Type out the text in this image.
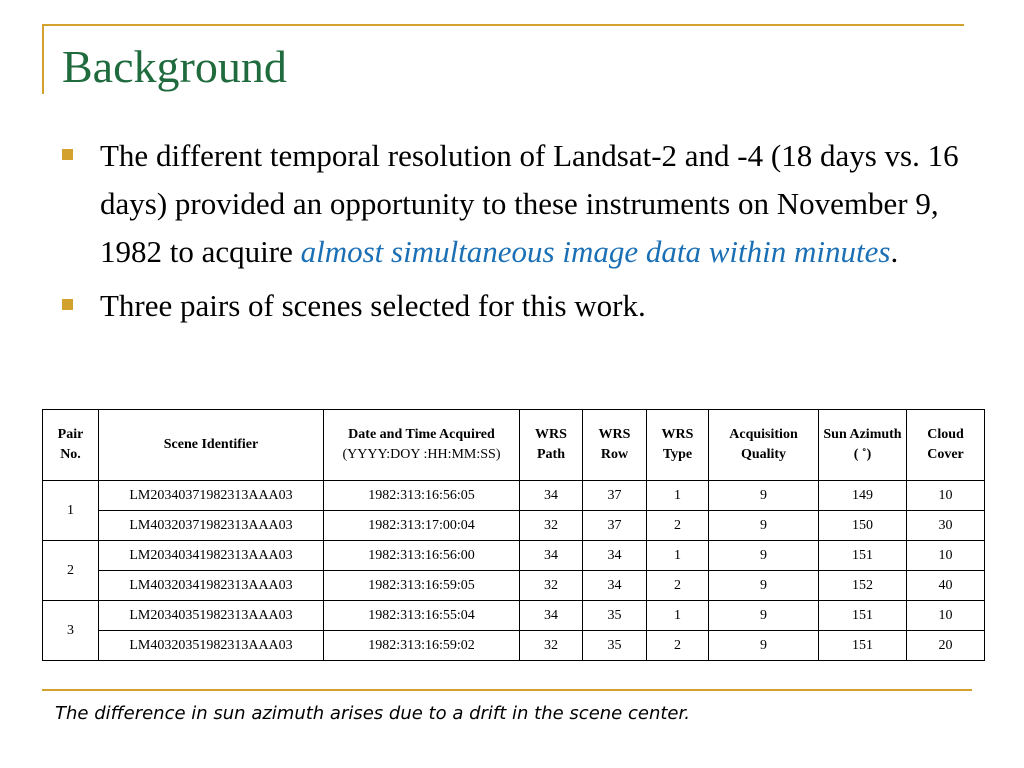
Background
The different temporal resolution of Landsat-2 and -4 (18 days vs. 16 days) provided an opportunity to these instruments on November 9, 1982 to acquire almost simultaneous image data within minutes.
Three pairs of scenes selected for this work.
Pair No.	Scene Identifier	Date and Time Acquired (YYYY:DOY :HH:MM:SS)	WRS Path	WRS Row	WRS Type	Acquisition Quality	Sun Azimuth ( ˚)	Cloud Cover
1	LM20340371982313AAA03	1982:313:16:56:05	34	37	1	9	149	10
	LM40320371982313AAA03	1982:313:17:00:04	32	37	2	9	150	30
2	LM20340341982313AAA03	1982:313:16:56:00	34	34	1	9	151	10
	LM40320341982313AAA03	1982:313:16:59:05	32	34	2	9	152	40
3	LM20340351982313AAA03	1982:313:16:55:04	34	35	1	9	151	10
	LM40320351982313AAA03	1982:313:16:59:02	32	35	2	9	151	20
The difference in sun azimuth arises due to a drift in the scene center.
